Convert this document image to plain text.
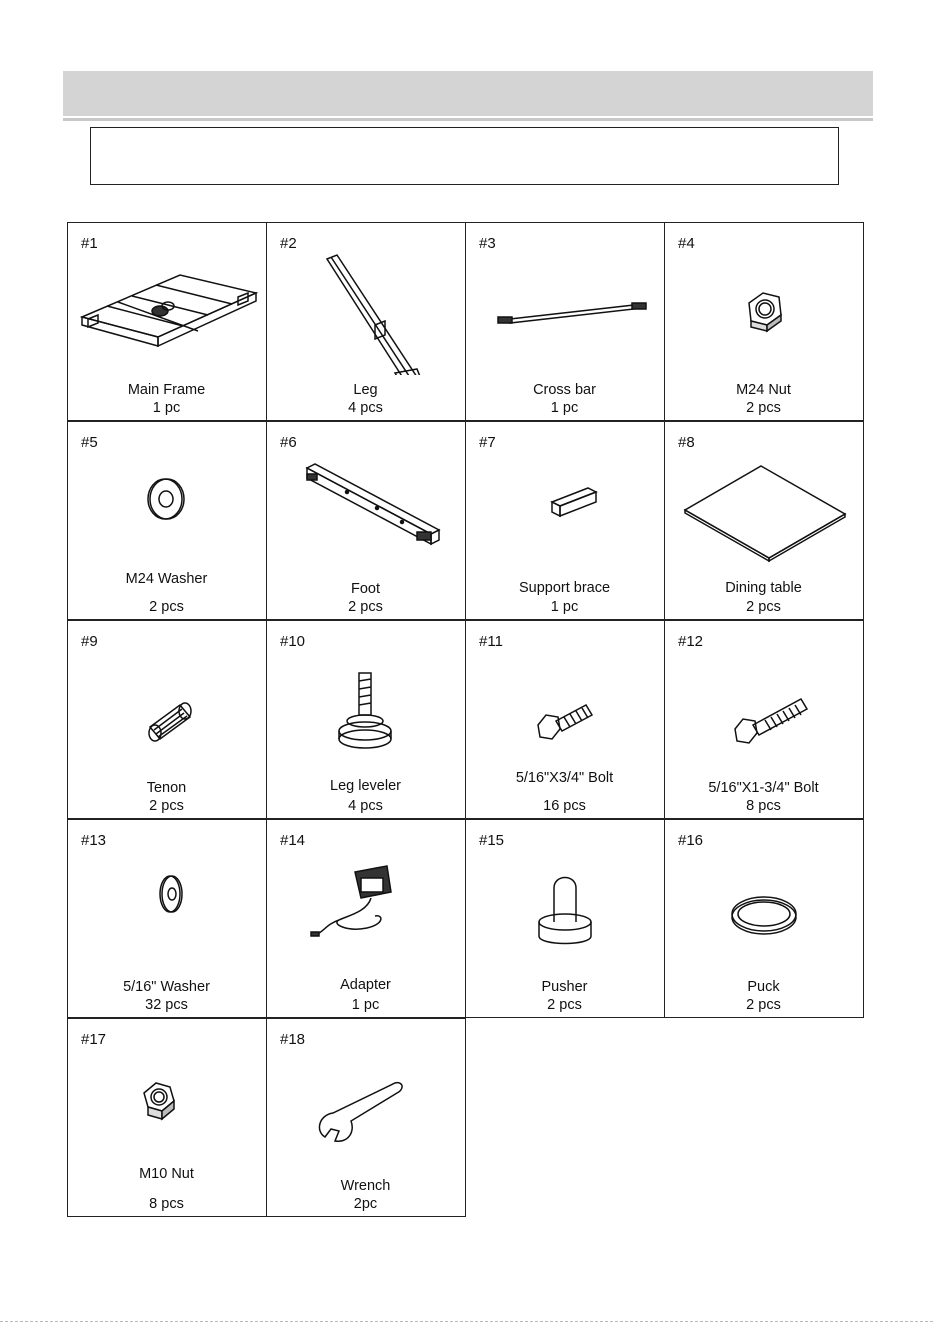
#1
Main Frame
1 pc
#2
Leg
4 pcs
#3
Cross bar
1 pc
#4
M24 Nut
2 pcs
#5
M24 Washer
2 pcs
#6
Foot
2 pcs
#7
Support brace
1 pc
#8
Dining table
2 pcs
#9
Tenon
2 pcs
#10
Leg leveler
4 pcs
#11
5/16"X3/4" Bolt
16 pcs
#12
5/16"X1-3/4" Bolt
8 pcs
#13
5/16" Washer
32 pcs
#14
Adapter
1 pc
#15
Pusher
2 pcs
#16
Puck
2 pcs
#17
M10 Nut
8 pcs
#18
Wrench
2pc
